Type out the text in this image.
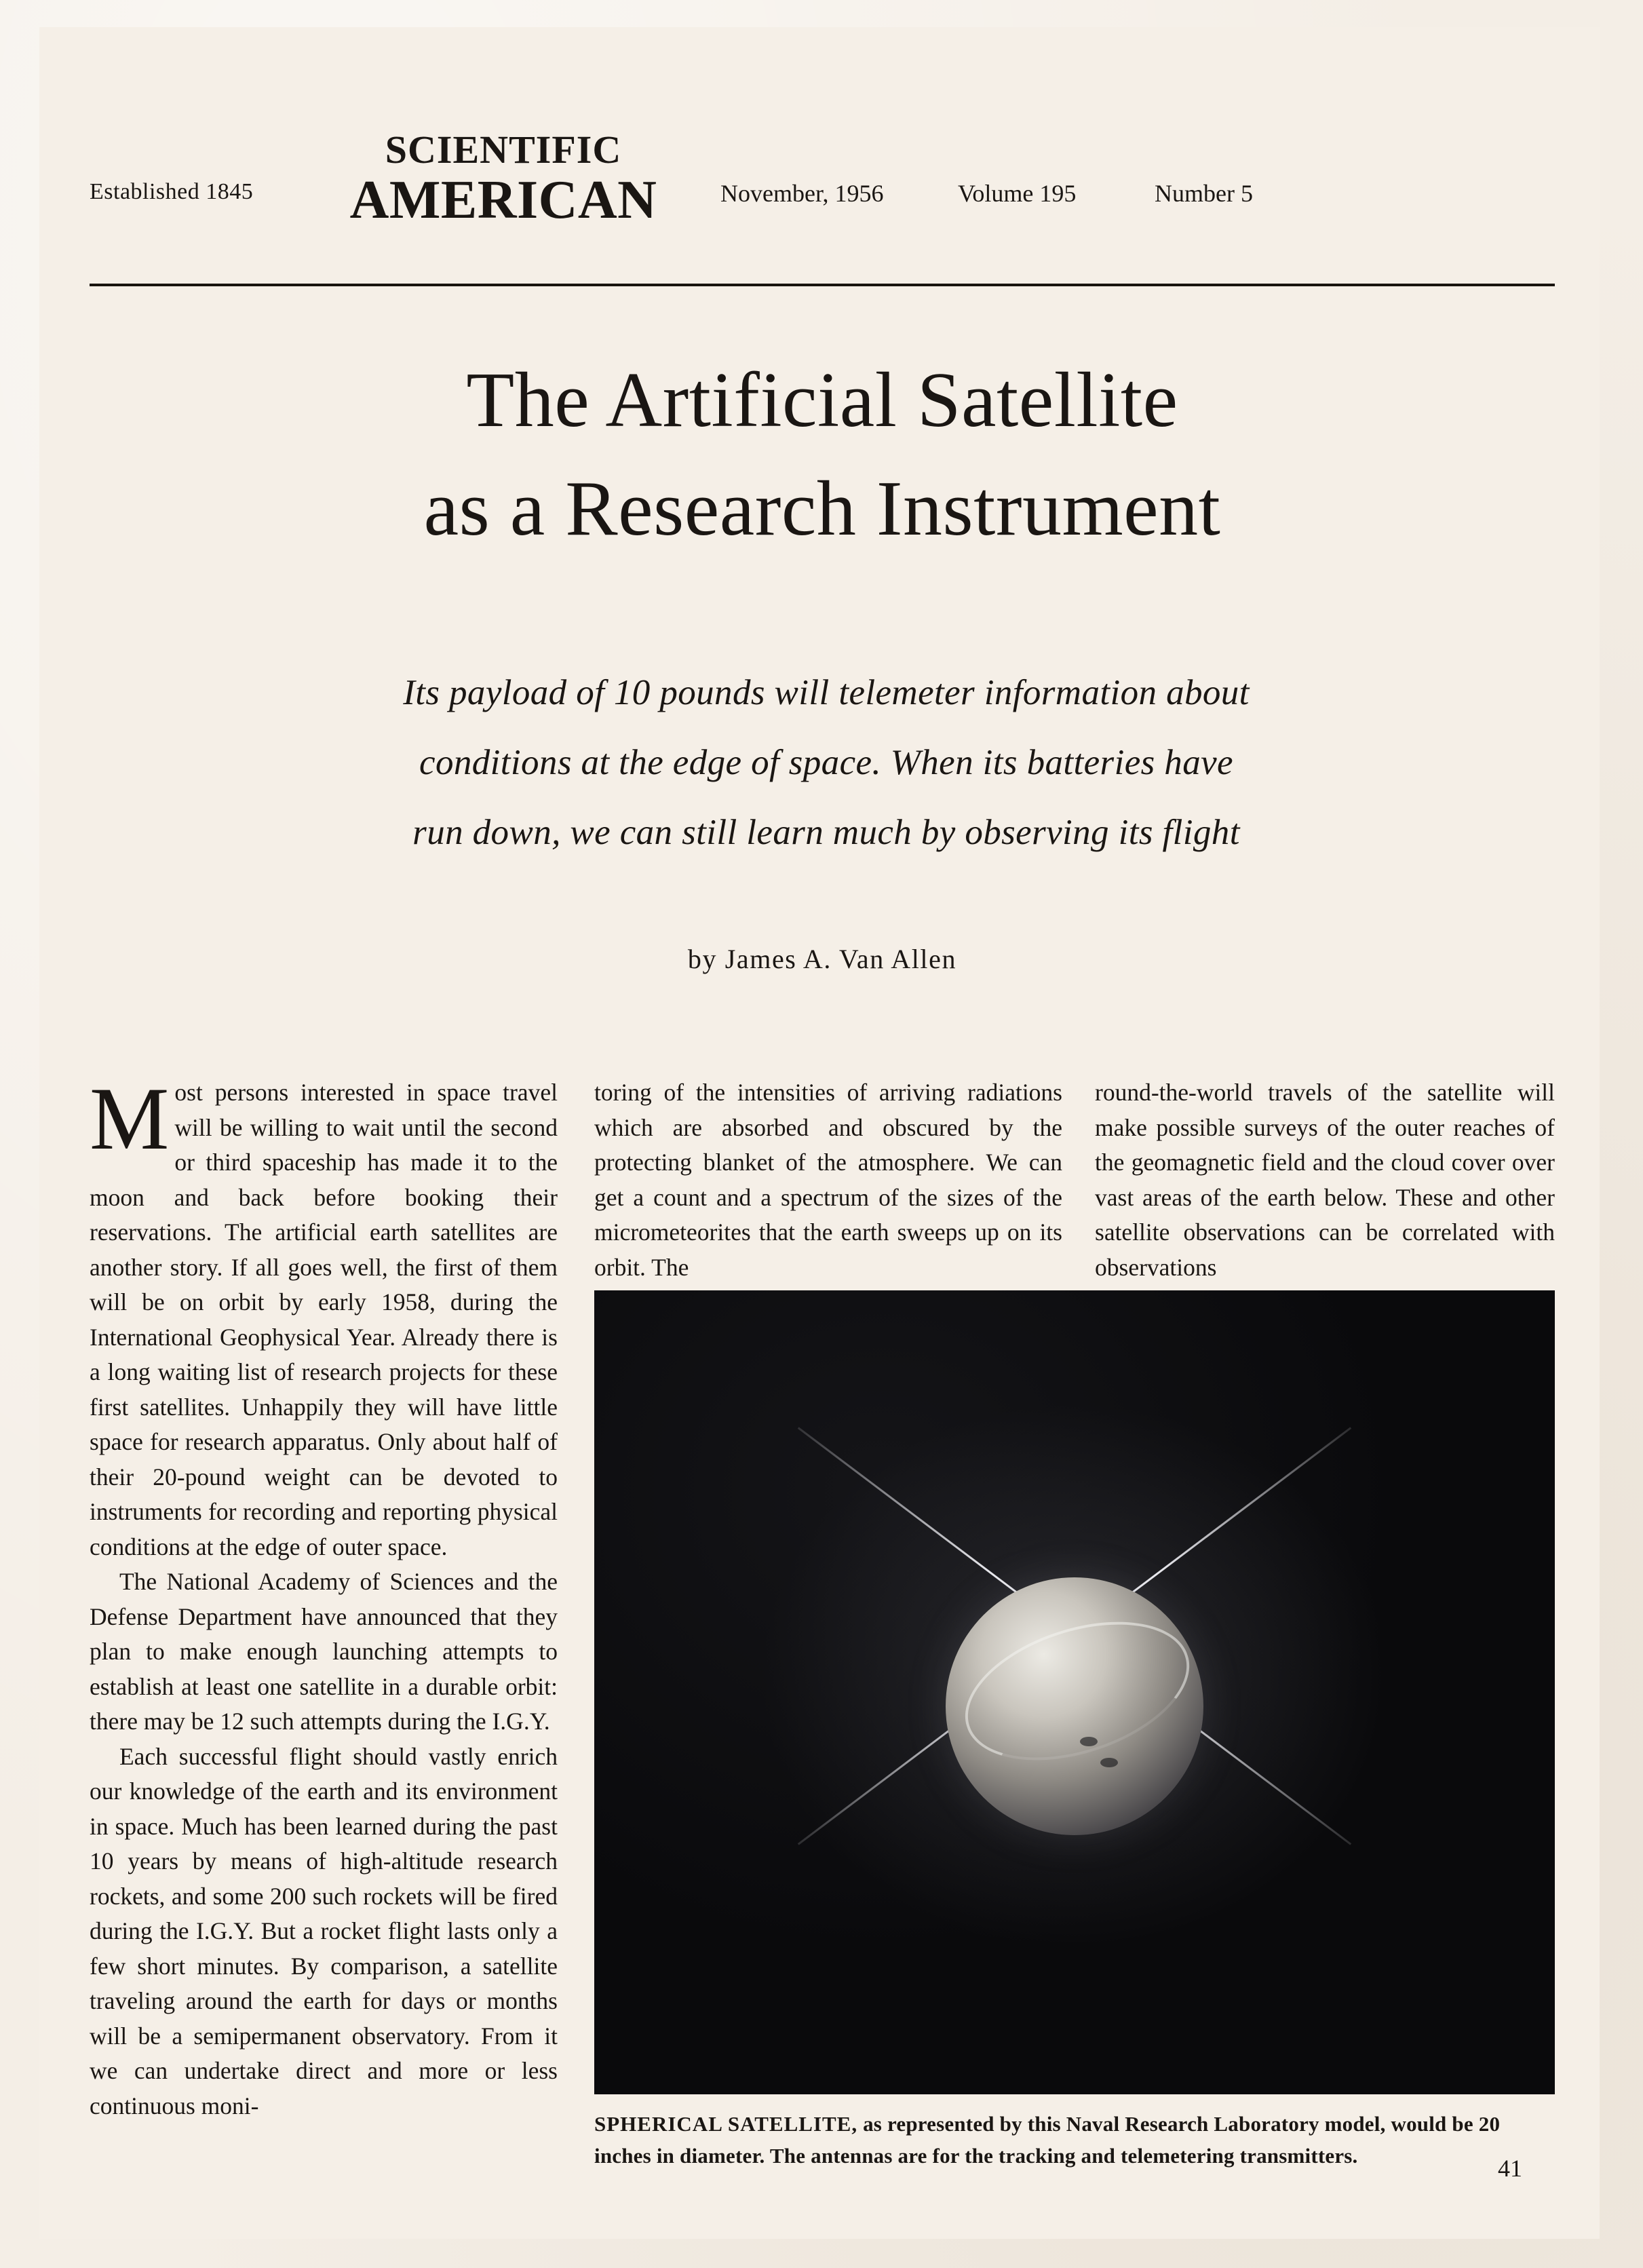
Established 1845
SCIENTIFIC
AMERICAN	November, 1956	Volume 195	Number 5
The Artificial Satellite
as a Research Instrument
Its payload of 10 pounds will telemeter information about
conditions at the edge of space. When its batteries have
run down, we can still learn much by observing its flight
by James A. Van Allen

Most persons interested in space travel will be willing to wait until the second or third spaceship has made it to the moon and back before booking their reservations. The artificial earth satellites are another story. If all goes well, the first of them will be on orbit by early 1958, during the International Geophysical Year. Already there is a long waiting list of research projects for these first satellites. Unhappily they will have little space for research apparatus. Only about half of their 20-pound weight can be devoted to instruments for recording and reporting physical conditions at the edge of outer space.

The National Academy of Sciences and the Defense Department have announced that they plan to make enough launching attempts to establish at least one satellite in a durable orbit: there may be 12 such attempts during the I.G.Y.

Each successful flight should vastly enrich our knowledge of the earth and its environment in space. Much has been learned during the past 10 years by means of high-altitude research rockets, and some 200 such rockets will be fired during the I.G.Y. But a rocket flight lasts only a few short minutes. By comparison, a satellite traveling around the earth for days or months will be a semipermanent observatory. From it we can undertake direct and more or less continuous moni-

toring of the intensities of arriving radiations which are absorbed and obscured by the protecting blanket of the atmosphere. We can get a count and a spectrum of the sizes of the micrometeorites that the earth sweeps up on its orbit. The

round-the-world travels of the satellite will make possible surveys of the outer reaches of the geomagnetic field and the cloud cover over vast areas of the earth below. These and other satellite observations can be correlated with observations

SPHERICAL SATELLITE, as represented by this Naval Research Laboratory model, would be 20 inches in diameter. The antennas are for the tracking and telemetering transmitters.	41
